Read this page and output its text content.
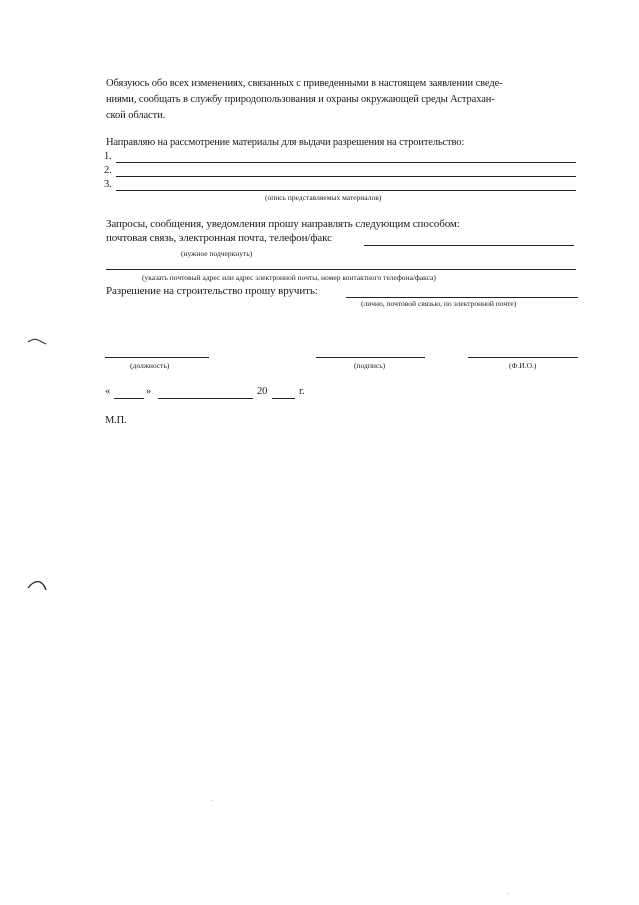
Обязуюсь обо всех изменениях, связанных с приведенными в настоящем заявлении сведе-
ниями, сообщать в службу природопользования и охраны окружающей среды Астрахан-
ской области.
Направляю на рассмотрение материалы для выдачи разрешения на строительство:
1.
2.
3.
(опись представляемых материалов)
Запросы, сообщения, уведомления прошу направлять следующим способом:
почтовая связь, электронная почта, телефон/факс
(нужное подчеркнуть)
(указать почтовый адрес или адрес электронной почты, номер контактного телефона/факса)
Разрешение на строительство прошу вручить:
(лично, почтовой связью, по электронной почте)
(должность)	(подпись)	(Ф.И.О.)
«	»	20	г.
М.П.
